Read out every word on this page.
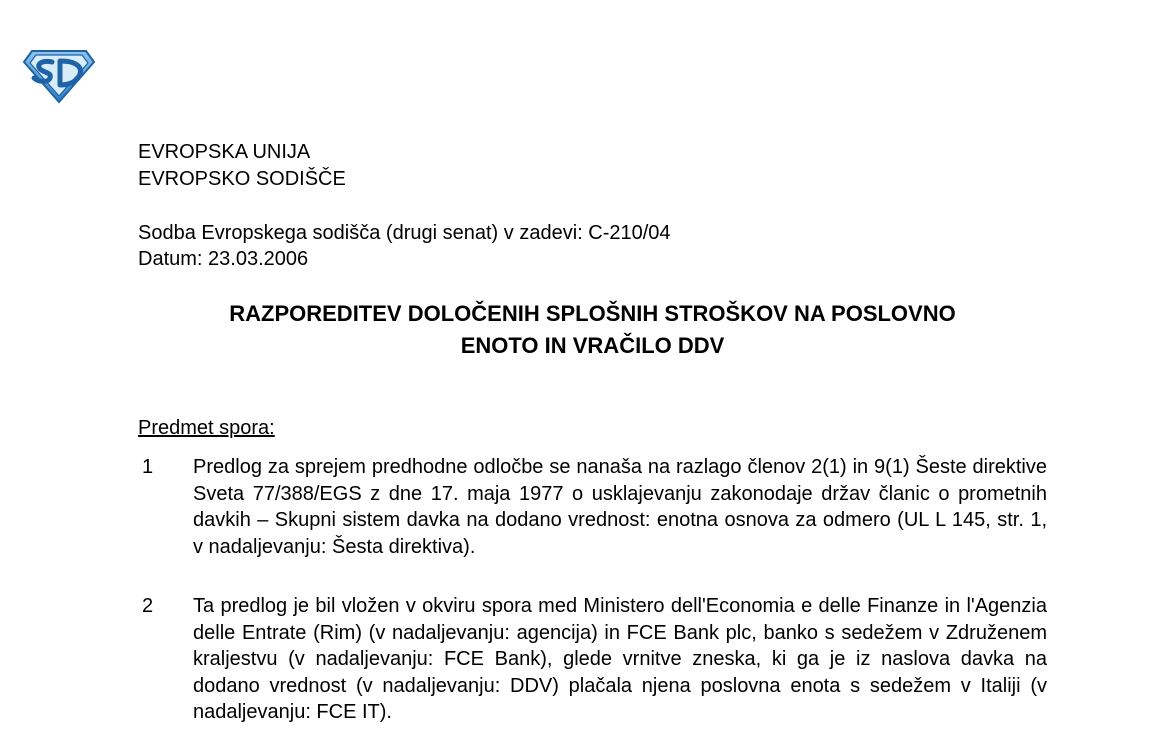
EVROPSKA UNIJA
EVROPSKO SODIŠČE
Sodba Evropskega sodišča (drugi senat) v zadevi: C-210/04
Datum: 23.03.2006
RAZPOREDITEV DOLOČENIH SPLOŠNIH STROŠKOV NA POSLOVNO
ENOTO IN VRAČILO DDV
Predmet spora:
1 Predlog za sprejem predhodne odločbe se nanaša na razlago členov 2(1) in 9(1) Šeste direktive Sveta 77/388/EGS z dne 17. maja 1977 o usklajevanju zakonodaje držav članic o prometnih davkih – Skupni sistem davka na dodano vrednost: enotna osnova za odmero (UL L 145, str. 1, v nadaljevanju: Šesta direktiva).
2 Ta predlog je bil vložen v okviru spora med Ministero dell'Economia e delle Finanze in l'Agenzia delle Entrate (Rim) (v nadaljevanju: agencija) in FCE Bank plc, banko s sedežem v Združenem kraljestvu (v nadaljevanju: FCE Bank), glede vrnitve zneska, ki ga je iz naslova davka na dodano vrednost (v nadaljevanju: DDV) plačala njena poslovna enota s sedežem v Italiji (v nadaljevanju: FCE IT).
